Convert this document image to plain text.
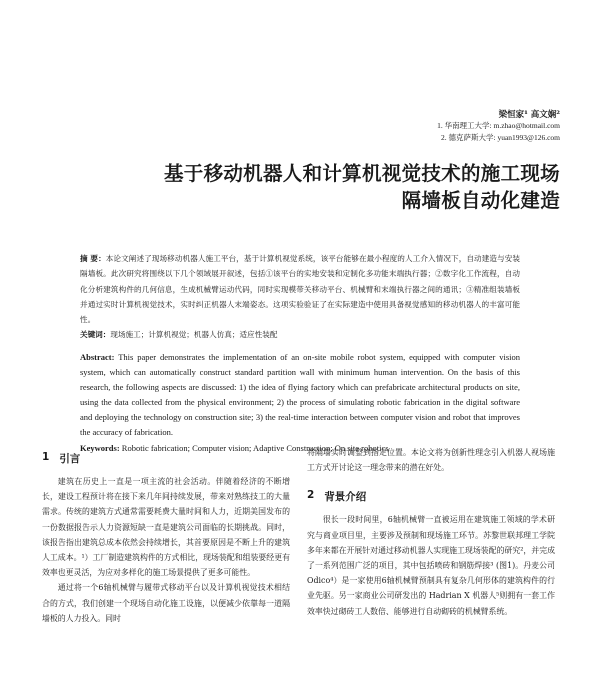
梁恒家¹ 高文娴²
1. 华南理工大学: m.zhao@hotmail.com
2. 德克萨斯大学: yuan1993@126.com
基于移动机器人和计算机视觉技术的施工现场
隔墙板自动化建造
摘 要：本论文阐述了现场移动机器人施工平台，基于计算机视觉系统，该平台能够在最小程度的人工介入情况下，自动建造与安装隔墙板。此次研究将围绕以下几个领域展开叙述，包括①该平台的实地安装和定制化多功能末端执行器；②数字化工作流程，自动化分析建筑构件的几何信息，生成机械臂运动代码，同时实现模带关移动平台、机械臂和末端执行器之间的通讯；③精准组装墙板并通过实时计算机视觉技术，实时纠正机器人末端姿态。这项实验验证了在实际建造中使用具备视觉感知的移动机器人的丰富可能性。
关键词：现场施工；计算机视觉；机器人仿真；适应性装配
Abstract: This paper demonstrates the implementation of an on-site mobile robot system, equipped with computer vision system, which can automatically construct standard partition wall with minimum human intervention. On the basis of this research, the following aspects are discussed: 1) the idea of flying factory which can prefabricate architectural products on site, using the data collected from the physical environment; 2) the process of simulating robotic fabrication in the digital software and deploying the technology on construction site; 3) the real-time interaction between computer vision and robot that improves the accuracy of fabrication.
Keywords: Robotic fabrication; Computer vision; Adaptive Construction; On site robotics
1 引言

建筑在历史上一直是一项主流的社会活动。伴随着经济的不断增长，建设工程预计将在接下来几年间持续发展，带来对熟练技工的大量需求。传统的建筑方式通常需要耗费大量时间和人力，近期美国发布的一份数据报告示人力资源短缺一直是建筑公司面临的长期挑战。同时，该报告指出建筑总成本依然会持续增长，其首要原因是不断上升的建筑人工成本。¹）工厂制造建筑构件的方式相比，现场装配和组装要经更有效率也更灵活，为应对多样化的施工场景提供了更多可能性。

通过将一个6轴机械臂与履带式移动平台以及计算机视觉技术相结合的方式，我们创建一个现场自动化施工设施，以便减少依靠每一道隔墙板的人力投入。同时

将隔墙实时调整到指定位置。本论文将为创新性理念引入机器人视场施工方式开讨论这一理念带来的潜在好处。

2 背景介绍

很长一段时间里，6轴机械臂一直被运用在建筑施工领域的学术研究与商业项目里，主要涉及预制和现场施工环节。苏黎世联邦理工学院多年来都在开展针对通过移动机器人实现施工现场装配的研究²，并完成了一系列范围广泛的项目，其中包括喷砖和钢筋焊接³ (图1)。丹麦公司 Odico⁴）是一家使用6轴机械臂预制具有复杂几何形体的建筑构件的行业先驱。另一家商业公司研发出的 Hadrian X 机器人⁵则拥有一套工作效率快过砌砖工人数倍、能够进行自动砌砖的机械臂系统。
